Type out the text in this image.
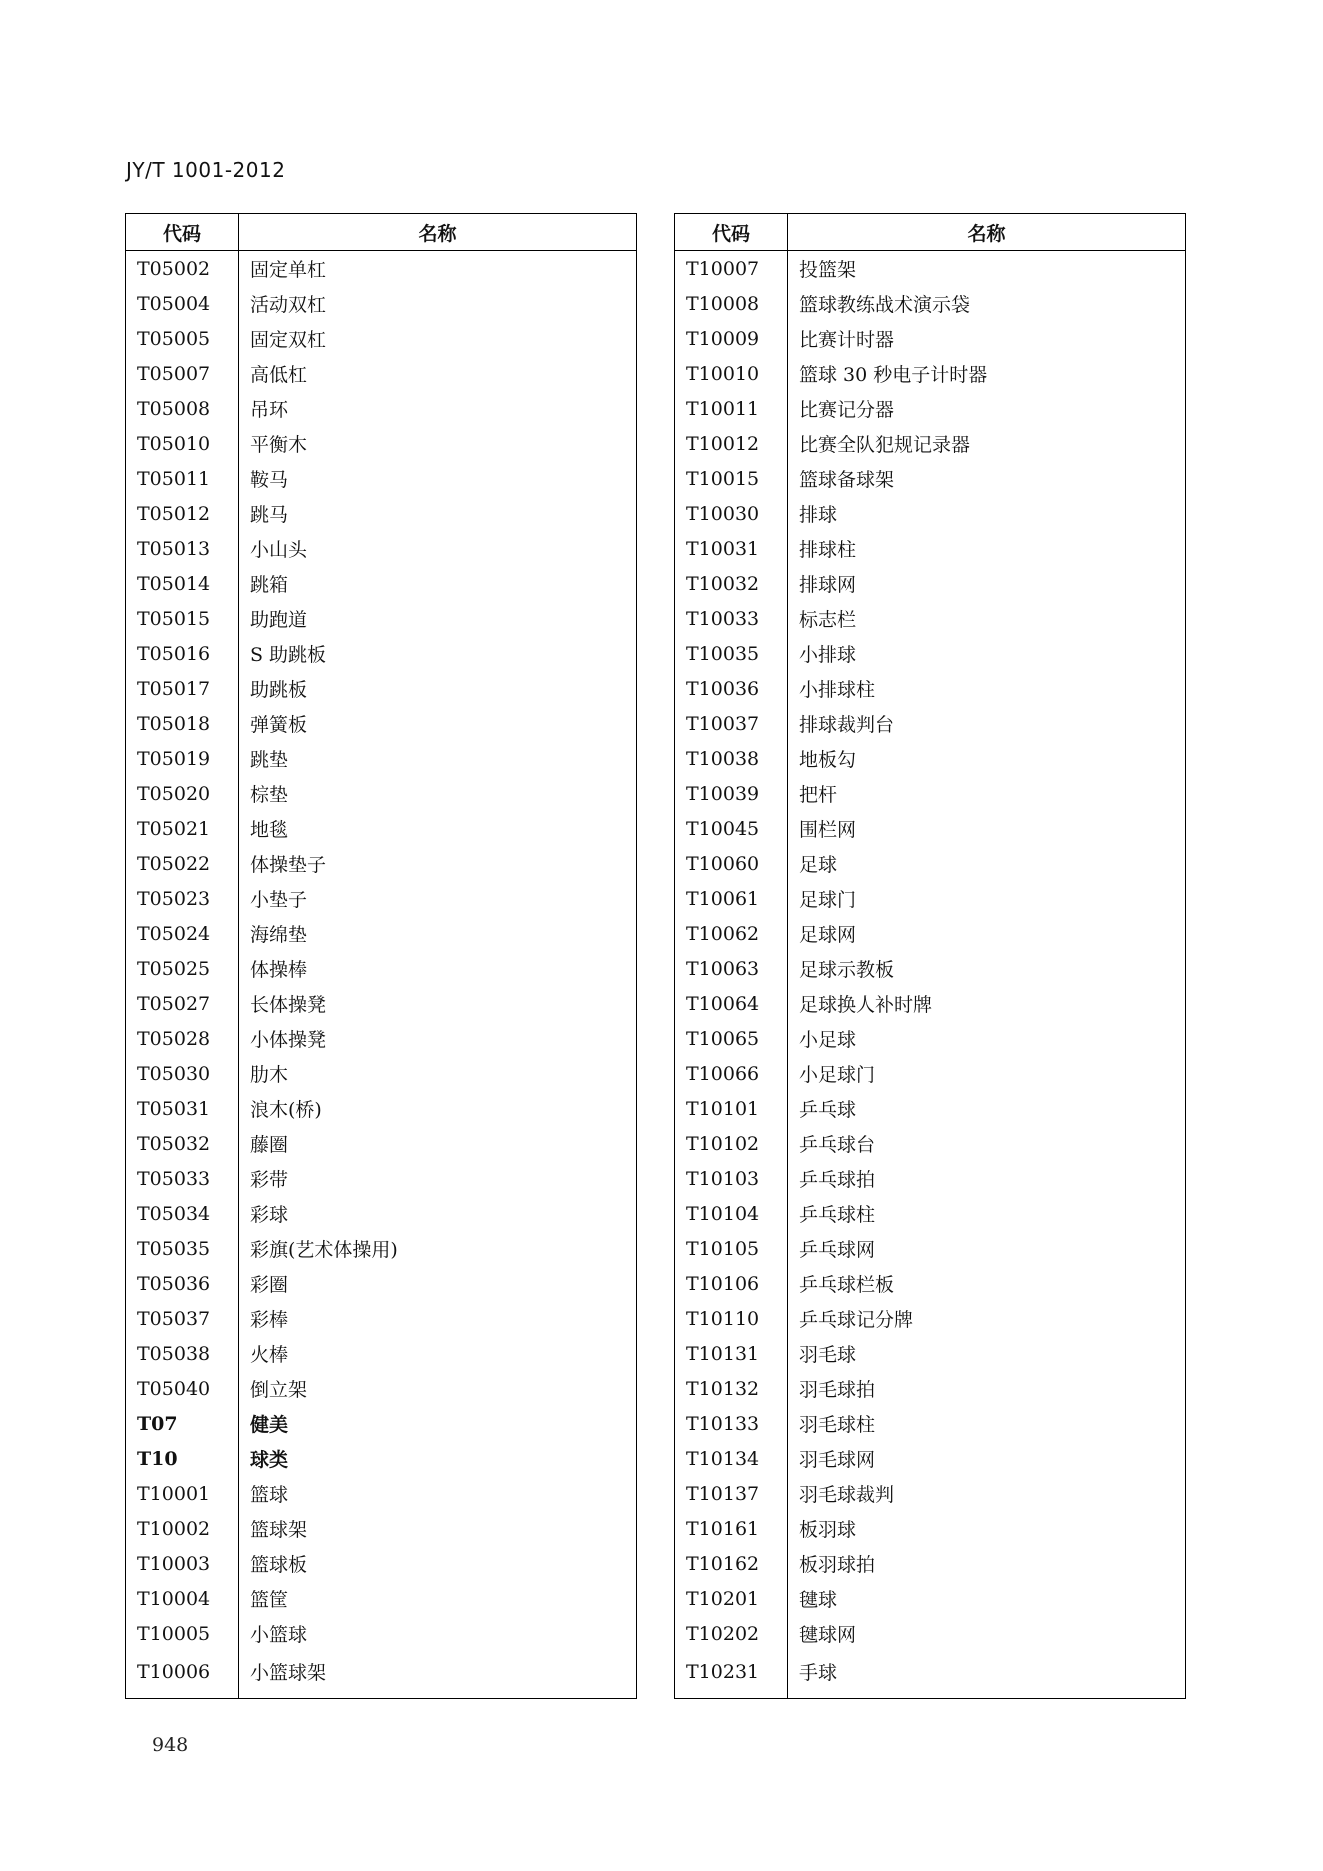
JY/T 1001-2012
代码	名称
T05002	固定单杠
T05004	活动双杠
T05005	固定双杠
T05007	高低杠
T05008	吊环
T05010	平衡木
T05011	鞍马
T05012	跳马
T05013	小山头
T05014	跳箱
T05015	助跑道
T05016	S 助跳板
T05017	助跳板
T05018	弹簧板
T05019	跳垫
T05020	棕垫
T05021	地毯
T05022	体操垫子
T05023	小垫子
T05024	海绵垫
T05025	体操棒
T05027	长体操凳
T05028	小体操凳
T05030	肋木
T05031	浪木(桥)
T05032	藤圈
T05033	彩带
T05034	彩球
T05035	彩旗(艺术体操用)
T05036	彩圈
T05037	彩棒
T05038	火棒
T05040	倒立架
T07	健美
T10	球类
T10001	篮球
T10002	篮球架
T10003	篮球板
T10004	篮筐
T10005	小篮球
T10006	小篮球架
代码	名称
T10007	投篮架
T10008	篮球教练战术演示袋
T10009	比赛计时器
T10010	篮球 30 秒电子计时器
T10011	比赛记分器
T10012	比赛全队犯规记录器
T10015	篮球备球架
T10030	排球
T10031	排球柱
T10032	排球网
T10033	标志栏
T10035	小排球
T10036	小排球柱
T10037	排球裁判台
T10038	地板勾
T10039	把杆
T10045	围栏网
T10060	足球
T10061	足球门
T10062	足球网
T10063	足球示教板
T10064	足球换人补时牌
T10065	小足球
T10066	小足球门
T10101	乒乓球
T10102	乒乓球台
T10103	乒乓球拍
T10104	乒乓球柱
T10105	乒乓球网
T10106	乒乓球栏板
T10110	乒乓球记分牌
T10131	羽毛球
T10132	羽毛球拍
T10133	羽毛球柱
T10134	羽毛球网
T10137	羽毛球裁判
T10161	板羽球
T10162	板羽球拍
T10201	毽球
T10202	毽球网
T10231	手球
948
